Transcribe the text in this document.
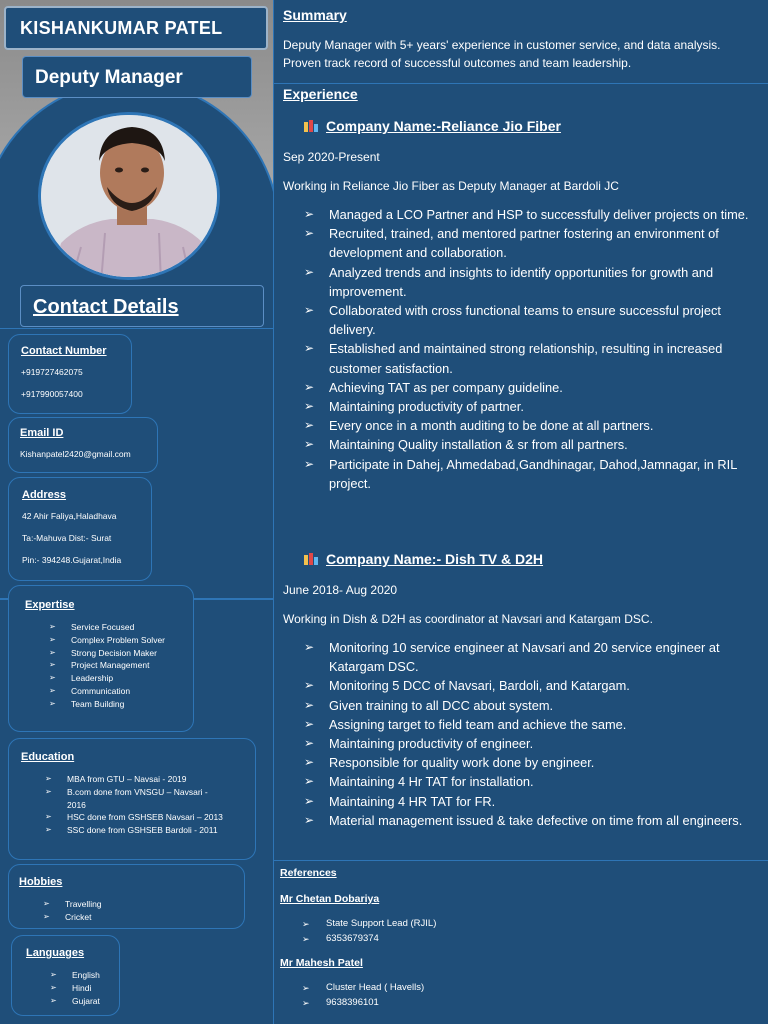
KISHANKUMAR PATEL
Deputy Manager
Contact Details
Contact Number
+919727462075
+917990057400
Email ID
Kishanpatel2420@gmail.com
Address
42 Ahir Faliya,Haladhava
Ta:-Mahuva Dist:- Surat
Pin:- 394248.Gujarat,India
Expertise
➢ Service Focused
➢ Complex Problem Solver
➢ Strong Decision Maker
➢ Project Management
➢ Leadership
➢ Communication
➢ Team Building
Education
➢ MBA from GTU – Navsai - 2019
➢ B.com done from VNSGU – Navsari - 2016
➢ HSC done from GSHSEB Navsari – 2013
➢ SSC done from GSHSEB Bardoli - 2011
Hobbies
➢ Travelling
➢ Cricket
Languages
➢ English
➢ Hindi
➢ Gujarat
Summary
Deputy Manager with 5+ years' experience in customer service, and data analysis. Proven track record of successful outcomes and team leadership.
Experience
Company Name:-Reliance Jio Fiber
Sep 2020-Present
Working in Reliance Jio Fiber as Deputy Manager at Bardoli JC
➢ Managed a LCO Partner and HSP to successfully deliver projects on time.
➢ Recruited, trained, and mentored partner fostering an environment of development and collaboration.
➢ Analyzed trends and insights to identify opportunities for growth and improvement.
➢ Collaborated with cross functional teams to ensure successful project delivery.
➢ Established and maintained strong relationship, resulting in increased customer satisfaction.
➢ Achieving TAT as per company guideline.
➢ Maintaining productivity of partner.
➢ Every once in a month auditing to be done at all partners.
➢ Maintaining Quality installation & sr from all partners.
➢ Participate in Dahej, Ahmedabad,Gandhinagar, Dahod,Jamnagar, in RIL project.
Company Name:- Dish TV & D2H
June 2018- Aug 2020
Working in Dish & D2H as coordinator at Navsari and Katargam DSC.
➢ Monitoring 10 service engineer at Navsari and 20 service engineer at Katargam DSC.
➢ Monitoring 5 DCC of Navsari, Bardoli, and Katargam.
➢ Given training to all DCC about system.
➢ Assigning target to field team and achieve the same.
➢ Maintaining productivity of engineer.
➢ Responsible for quality work done by engineer.
➢ Maintaining 4 Hr TAT for installation.
➢ Maintaining 4 HR TAT for FR.
➢ Material management issued & take defective on time from all engineers.
References
Mr Chetan Dobariya
➢ State Support Lead (RJIL)
➢ 6353679374
Mr Mahesh Patel
➢ Cluster Head ( Havells)
➢ 9638396101
